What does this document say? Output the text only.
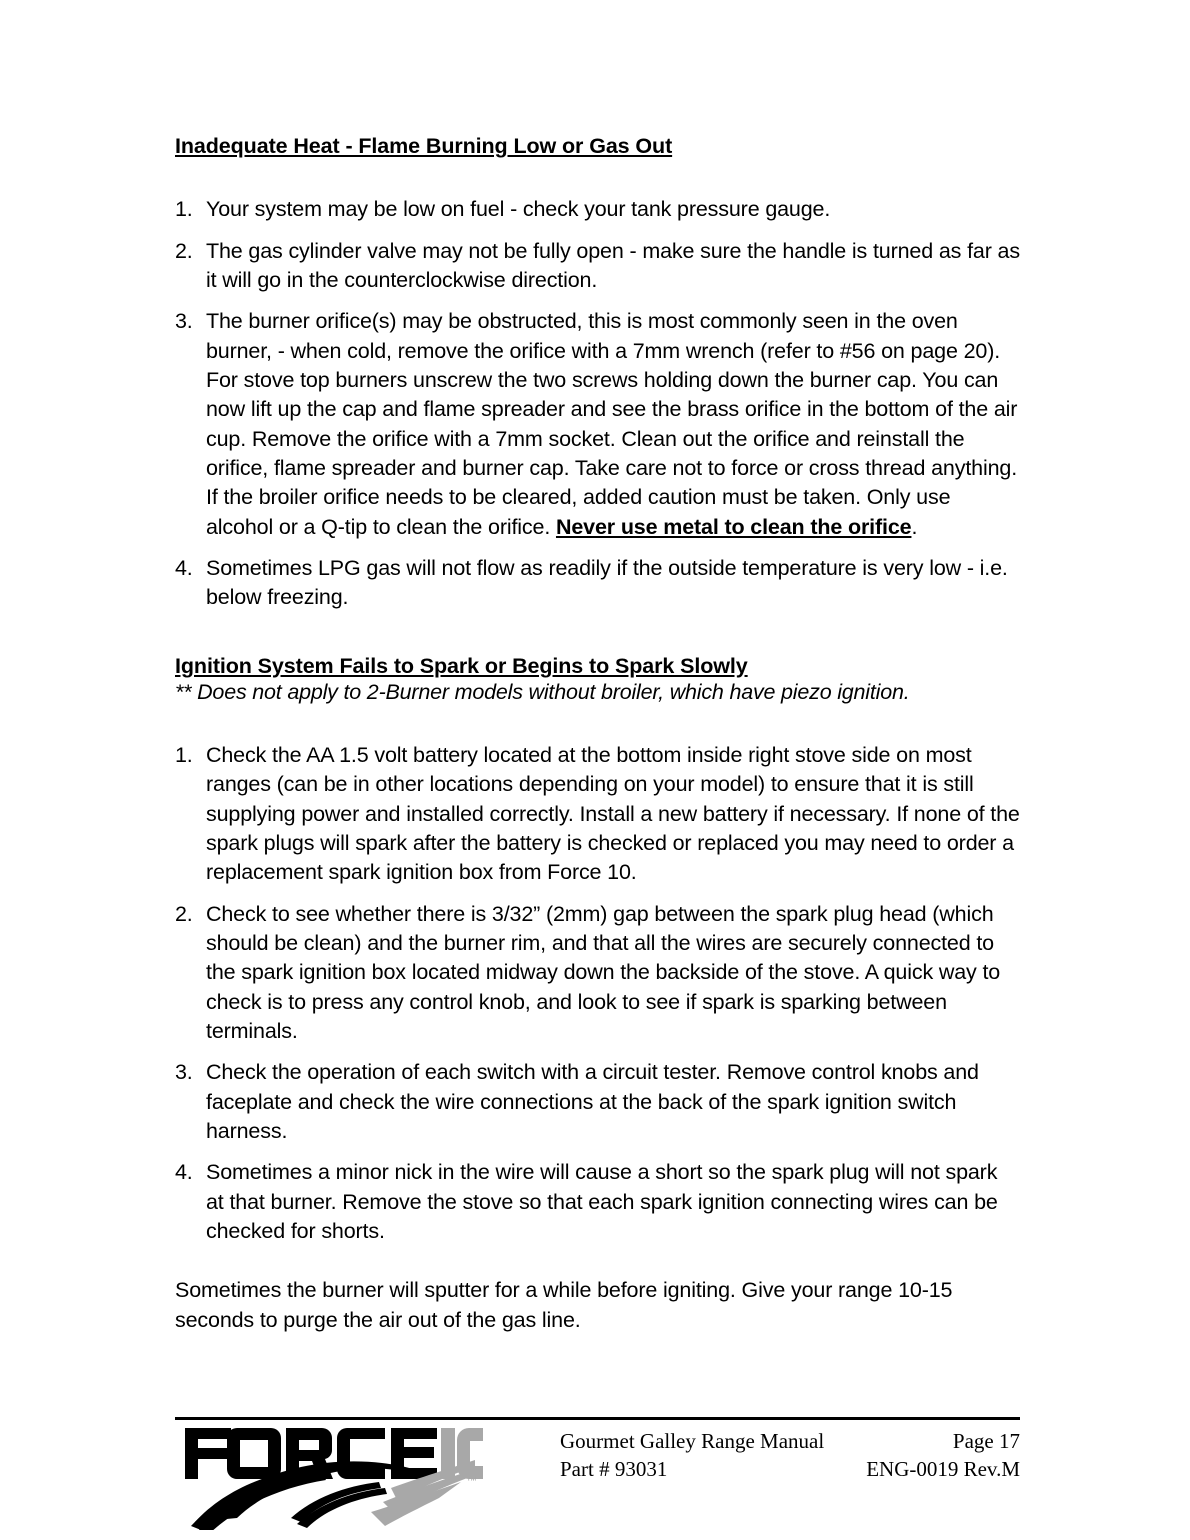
Inadequate Heat - Flame Burning Low or Gas Out
1. Your system may be low on fuel - check your tank pressure gauge.
2. The gas cylinder valve may not be fully open - make sure the handle is turned as far as it will go in the counterclockwise direction.
3. The burner orifice(s) may be obstructed, this is most commonly seen in the oven burner, - when cold, remove the orifice with a 7mm wrench (refer to #56 on page 20). For stove top burners unscrew the two screws holding down the burner cap. You can now lift up the cap and flame spreader and see the brass orifice in the bottom of the air cup. Remove the orifice with a 7mm socket. Clean out the orifice and reinstall the orifice, flame spreader and burner cap. Take care not to force or cross thread anything. If the broiler orifice needs to be cleared, added caution must be taken. Only use alcohol or a Q-tip to clean the orifice. Never use metal to clean the orifice.
4. Sometimes LPG gas will not flow as readily if the outside temperature is very low - i.e. below freezing.
Ignition System Fails to Spark or Begins to Spark Slowly

** Does not apply to 2-Burner models without broiler, which have piezo ignition.

1. Check the AA 1.5 volt battery located at the bottom inside right stove side on most ranges (can be in other locations depending on your model) to ensure that it is still supplying power and installed correctly. Install a new battery if necessary. If none of the spark plugs will spark after the battery is checked or replaced you may need to order a replacement spark ignition box from Force 10.
2. Check to see whether there is 3/32” (2mm) gap between the spark plug head (which should be clean) and the burner rim, and that all the wires are securely connected to the spark ignition box located midway down the backside of the stove. A quick way to check is to press any control knob, and look to see if spark is sparking between terminals.
3. Check the operation of each switch with a circuit tester. Remove control knobs and faceplate and check the wire connections at the back of the spark ignition switch harness.
4. Sometimes a minor nick in the wire will cause a short so the spark plug will not spark at that burner. Remove the stove so that each spark ignition connecting wires can be checked for shorts.

Sometimes the burner will sputter for a while before igniting. Give your range 10-15 seconds to purge the air out of the gas line.

™
Gourmet Galley Range Manual	Page 17
Part # 93031	ENG-0019 Rev.M
